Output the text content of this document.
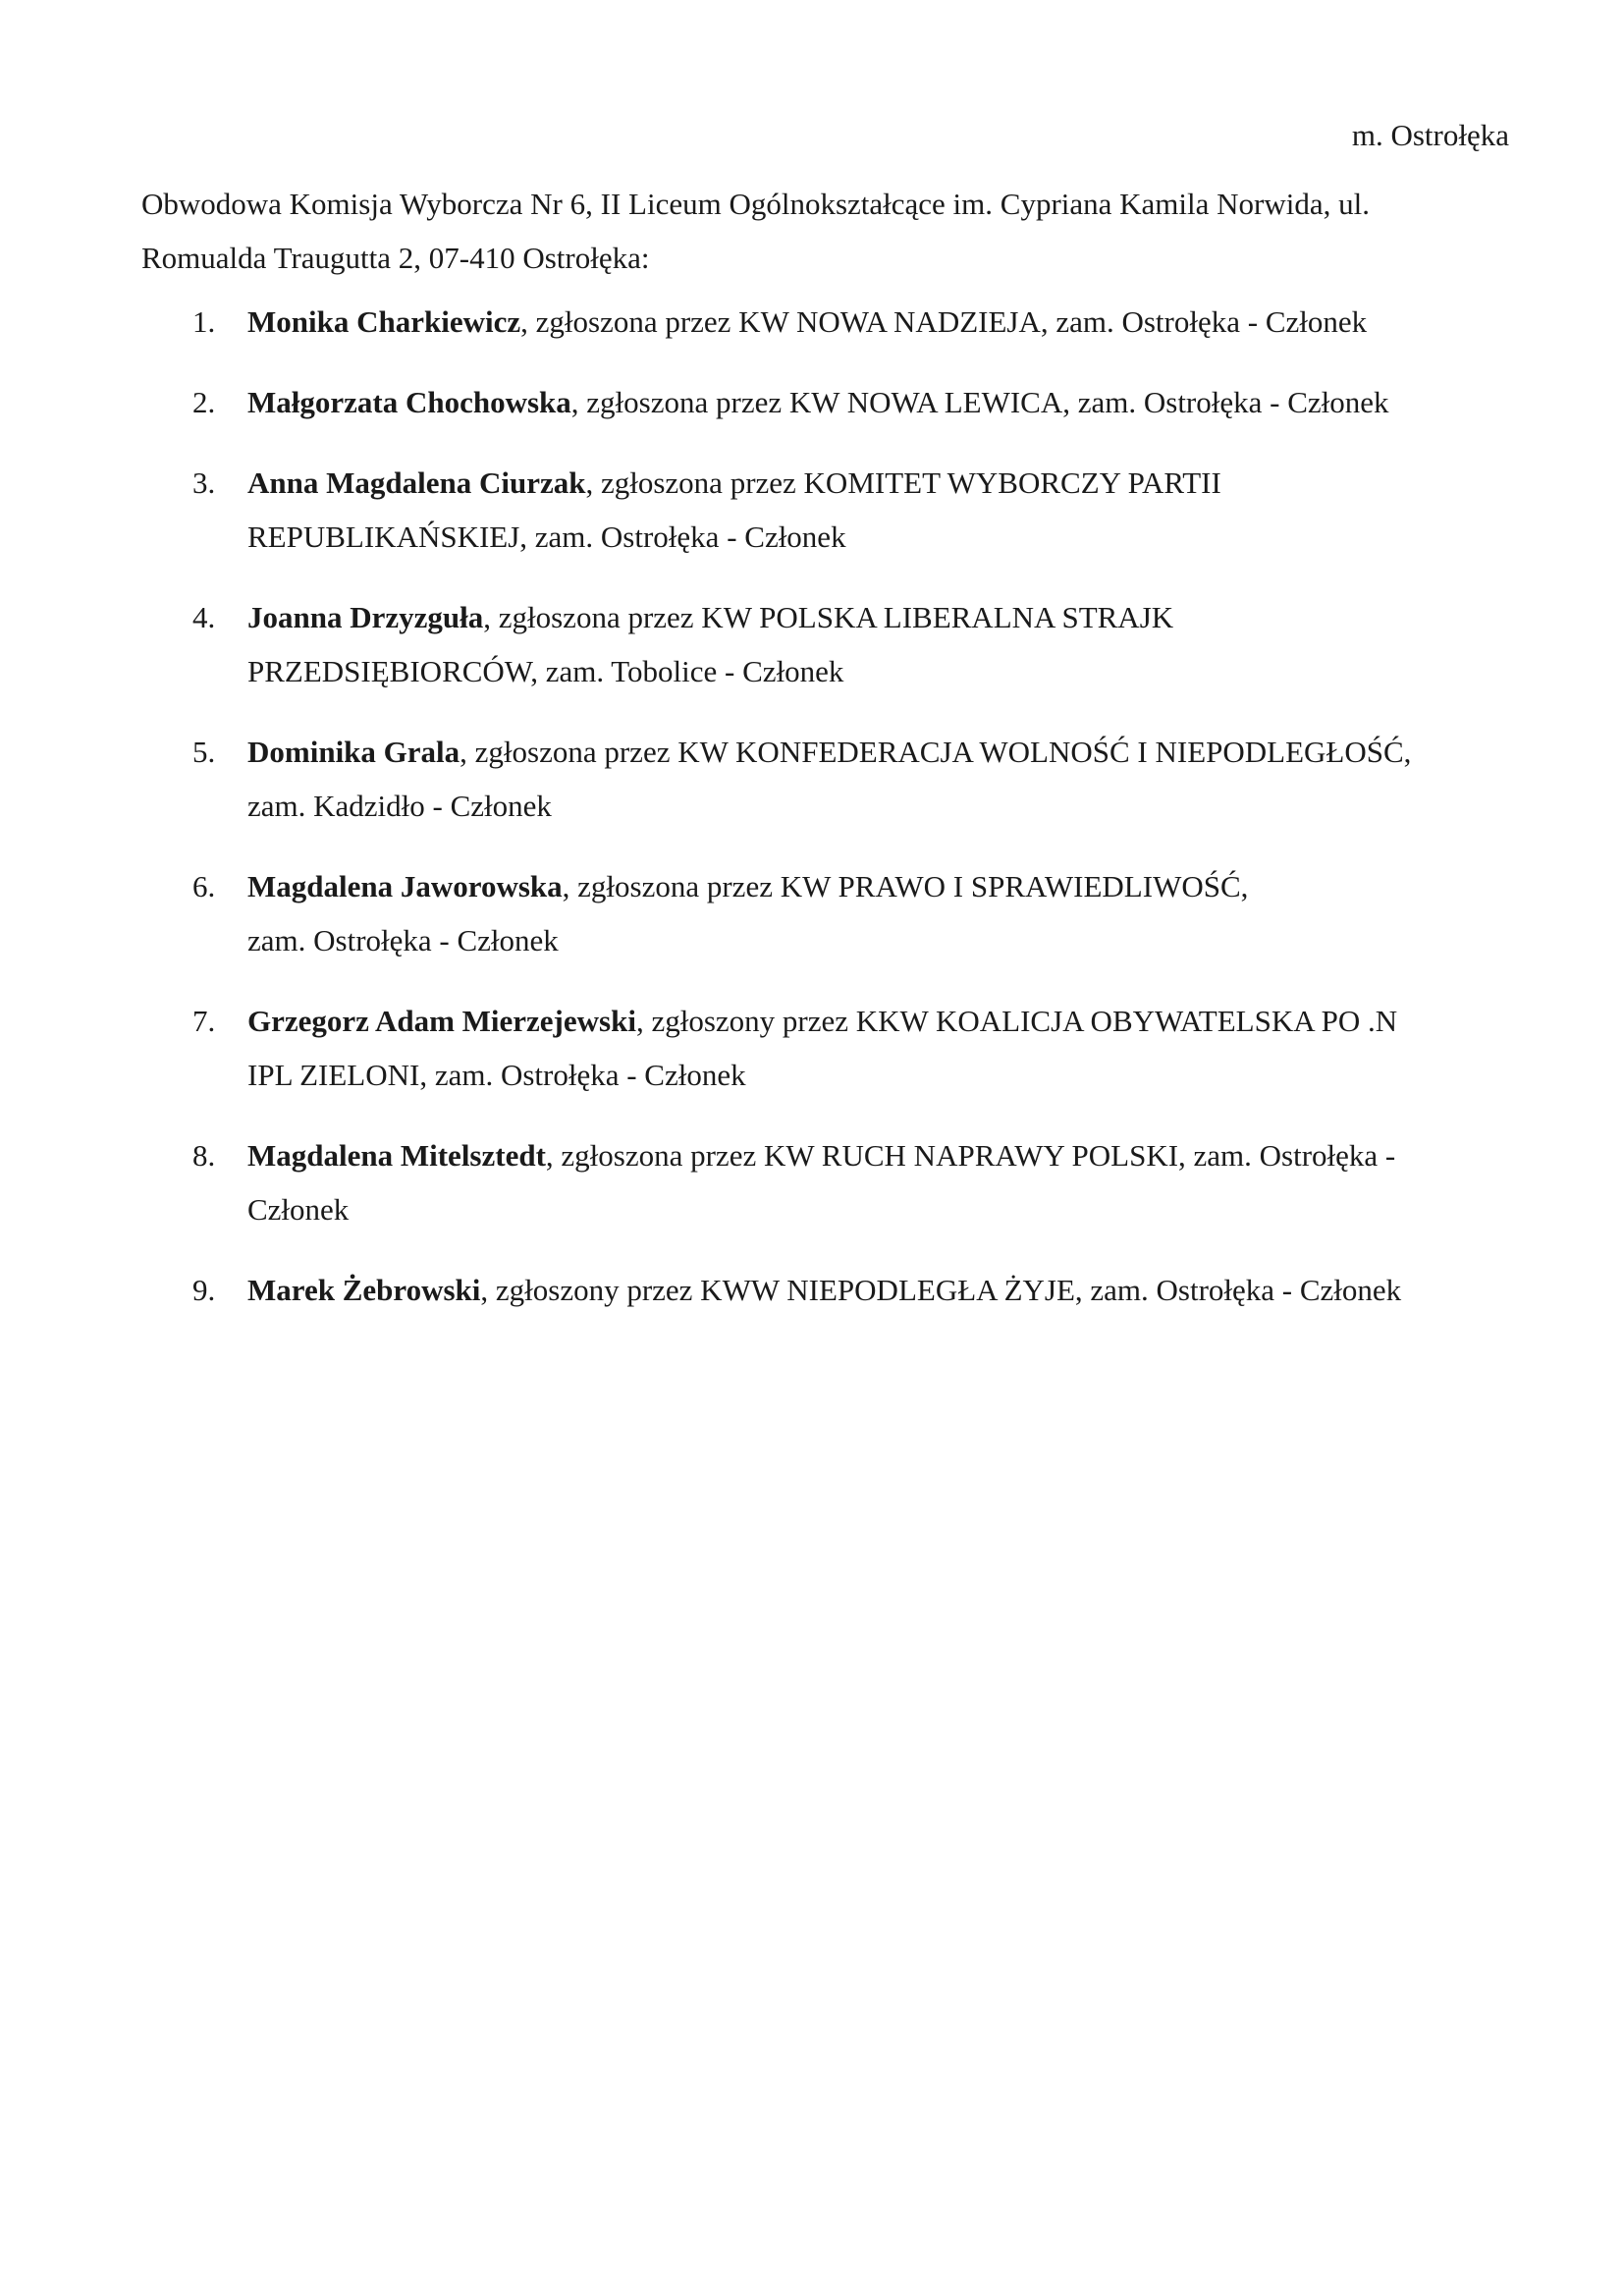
m. Ostrołęka
Obwodowa Komisja Wyborcza Nr 6, II Liceum Ogólnokształcące im. Cypriana Kamila Norwida, ul.
Romualda Traugutta 2, 07-410 Ostrołęka:
1. Monika Charkiewicz, zgłoszona przez KW NOWA NADZIEJA, zam. Ostrołęka - Członek
2. Małgorzata Chochowska, zgłoszona przez KW NOWA LEWICA, zam. Ostrołęka - Członek
3. Anna Magdalena Ciurzak, zgłoszona przez KOMITET WYBORCZY PARTII
REPUBLIKAŃSKIEJ, zam. Ostrołęka - Członek
4. Joanna Drzyzguła, zgłoszona przez KW POLSKA LIBERALNA STRAJK
PRZEDSIĘBIORCÓW, zam. Tobolice - Członek
5. Dominika Grala, zgłoszona przez KW KONFEDERACJA WOLNOŚĆ I NIEPODLEGŁOŚĆ,
zam. Kadzidło - Członek
6. Magdalena Jaworowska, zgłoszona przez KW PRAWO I SPRAWIEDLIWOŚĆ,
zam. Ostrołęka - Członek
7. Grzegorz Adam Mierzejewski, zgłoszony przez KKW KOALICJA OBYWATELSKA PO .N
IPL ZIELONI, zam. Ostrołęka - Członek
8. Magdalena Mitelsztedt, zgłoszona przez KW RUCH NAPRAWY POLSKI, zam. Ostrołęka -
Członek
9. Marek Żebrowski, zgłoszony przez KWW NIEPODLEGŁA ŻYJE, zam. Ostrołęka - Członek
